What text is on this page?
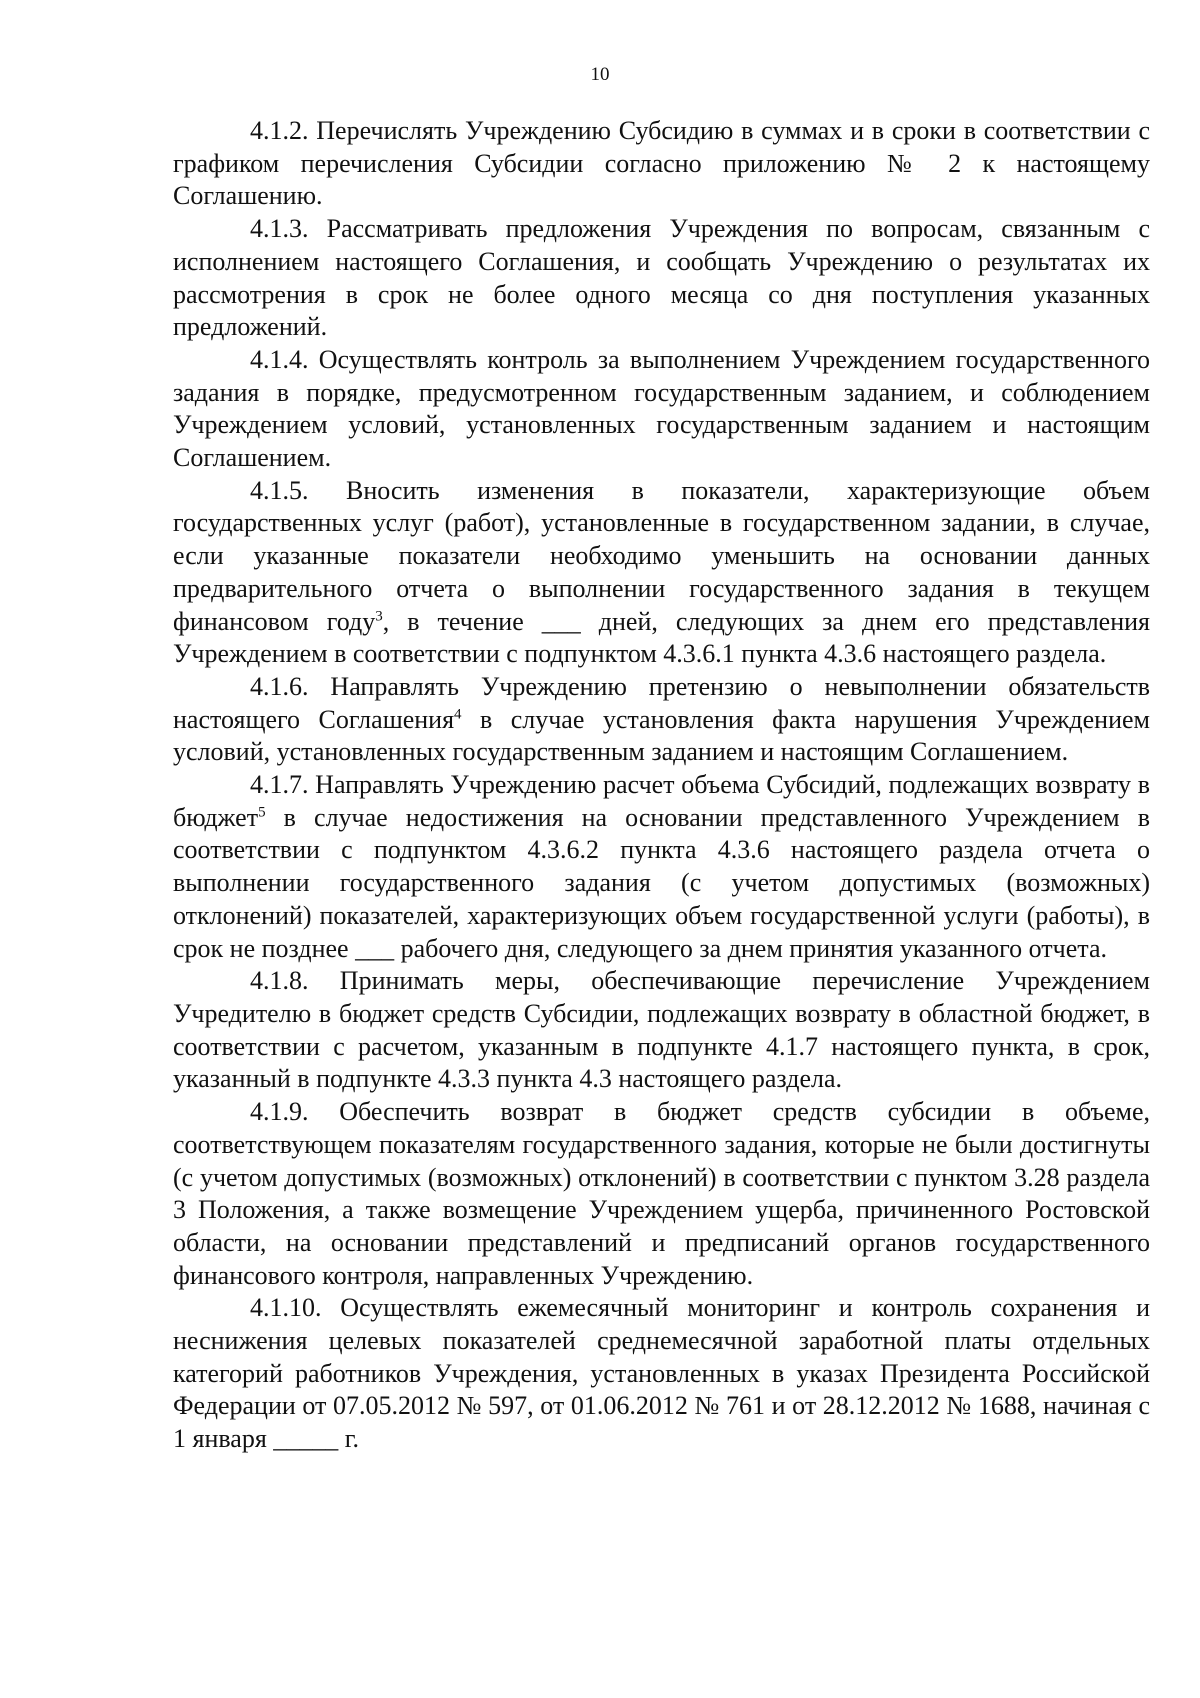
10

4.1.2. Перечислять Учреждению Субсидию в суммах и в сроки в соответствии с графиком перечисления Субсидии согласно приложению № 2 к настоящему Соглашению.

4.1.3. Рассматривать предложения Учреждения по вопросам, связанным с исполнением настоящего Соглашения, и сообщать Учреждению о результатах их рассмотрения в срок не более одного месяца со дня поступления указанных предложений.

4.1.4. Осуществлять контроль за выполнением Учреждением государственного задания в порядке, предусмотренном государственным заданием, и соблюдением Учреждением условий, установленных государственным заданием и настоящим Соглашением.

4.1.5. Вносить изменения в показатели, характеризующие объем государственных услуг (работ), установленные в государственном задании, в случае, если указанные показатели необходимо уменьшить на основании данных предварительного отчета о выполнении государственного задания в текущем финансовом году$^3$, в течение ___ дней, следующих за днем его представления Учреждением в соответствии с подпунктом 4.3.6.1 пункта 4.3.6 настоящего раздела.

4.1.6. Направлять Учреждению претензию о невыполнении обязательств настоящего Соглашения$^4$ в случае установления факта нарушения Учреждением условий, установленных государственным заданием и настоящим Соглашением.

4.1.7. Направлять Учреждению расчет объема Субсидий, подлежащих возврату в бюджет$^5$ в случае недостижения на основании представленного Учреждением в соответствии с подпунктом 4.3.6.2 пункта 4.3.6 настоящего раздела отчета о выполнении государственного задания (с учетом допустимых (возможных) отклонений) показателей, характеризующих объем государственной услуги (работы), в срок не позднее ___ рабочего дня, следующего за днем принятия указанного отчета.

4.1.8. Принимать меры, обеспечивающие перечисление Учреждением Учредителю в бюджет средств Субсидии, подлежащих возврату в областной бюджет, в соответствии с расчетом, указанным в подпункте 4.1.7 настоящего пункта, в срок, указанный в подпункте 4.3.3 пункта 4.3 настоящего раздела.

4.1.9. Обеспечить возврат в бюджет средств субсидии в объеме, соответствующем показателям государственного задания, которые не были достигнуты (с учетом допустимых (возможных) отклонений) в соответствии с пунктом 3.28 раздела 3 Положения, а также возмещение Учреждением ущерба, причиненного Ростовской области, на основании представлений и предписаний органов государственного финансового контроля, направленных Учреждению.

4.1.10. Осуществлять ежемесячный мониторинг и контроль сохранения и неснижения целевых показателей среднемесячной заработной платы отдельных категорий работников Учреждения, установленных в указах Президента Российской Федерации от 07.05.2012 № 597, от 01.06.2012 № 761 и от 28.12.2012 № 1688, начиная с 1 января _____ г.
